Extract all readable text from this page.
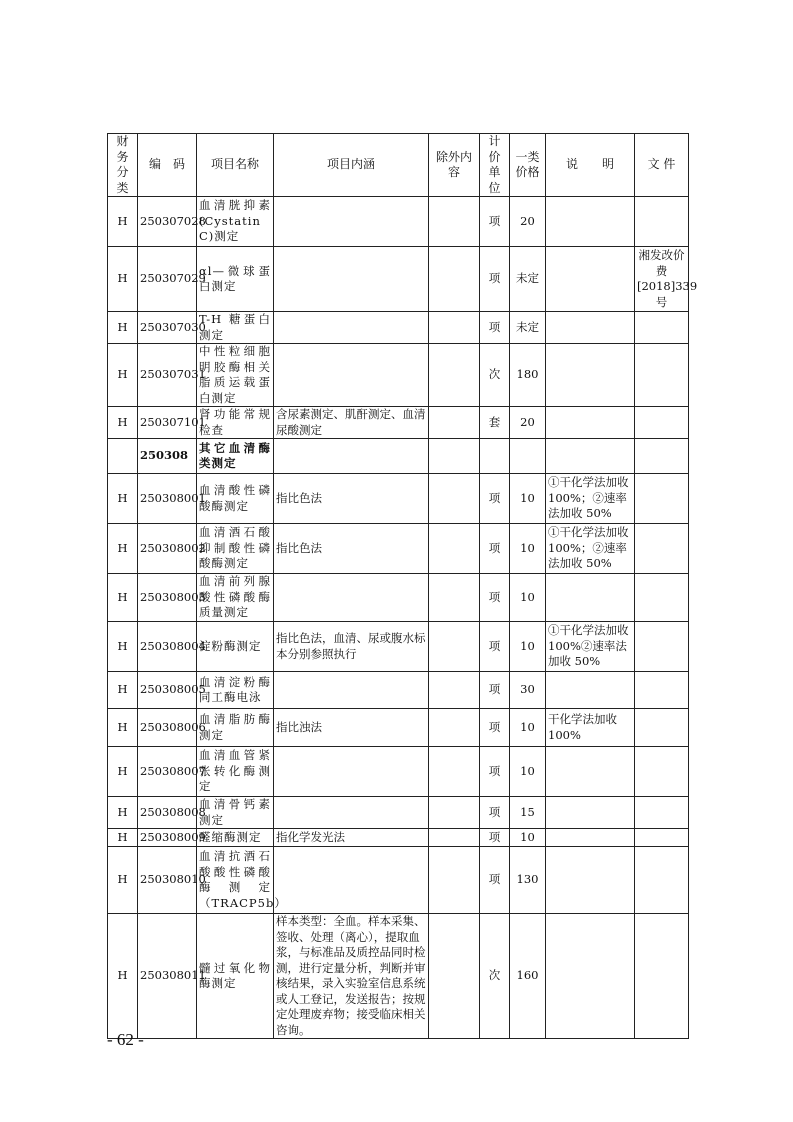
财务分类	编　码	项目名称	项目内涵	除外内容	计价单位	一类价格	说　　明	文 件
H	250307028	血清胱抑素(Cystatin C)测定			项	20		
H	250307029	αl—微球蛋白测定			项	未定		湘发改价费[2018]339号
H	250307030	T-H 糖蛋白测定			项	未定		
H	250307031	中性粒细胞明胶酶相关脂质运载蛋白测定			次	180		
H	250307101	肾功能常规检查	含尿素测定、肌酐测定、血清尿酸测定		套	20		
	250308	其它血清酶类测定						
H	250308001	血清酸性磷酸酶测定	指比色法		项	10	①干化学法加收100%；②速率法加收 50%	
H	250308002	血清酒石酸抑制酸性磷酸酶测定	指比色法		项	10	①干化学法加收100%；②速率法加收 50%	
H	250308003	血清前列腺酸性磷酸酶质量测定			项	10		
H	250308004	淀粉酶测定	指比色法，血清、尿或腹水标本分别参照执行		项	10	①干化学法加收100%②速率法加收 50%	
H	250308005	血清淀粉酶同工酶电泳			项	30		
H	250308006	血清脂肪酶测定	指比浊法		项	10	干化学法加收100%	
H	250308007	血清血管紧张转化酶测定			项	10		
H	250308008	血清骨钙素测定			项	15		
H	250308009	醛缩酶测定	指化学发光法		项	10		
H	250308010	血清抗酒石酸酸性磷酸酶测定（TRACP5b）			项	130		
H	250308011	髓过氧化物酶测定	样本类型：全血。样本采集、签收、处理（离心），提取血浆，与标准品及质控品同时检测，进行定量分析，判断并审核结果，录入实验室信息系统或人工登记，发送报告；按规定处理废弃物；接受临床相关咨询。		次	160		
- 62 -
